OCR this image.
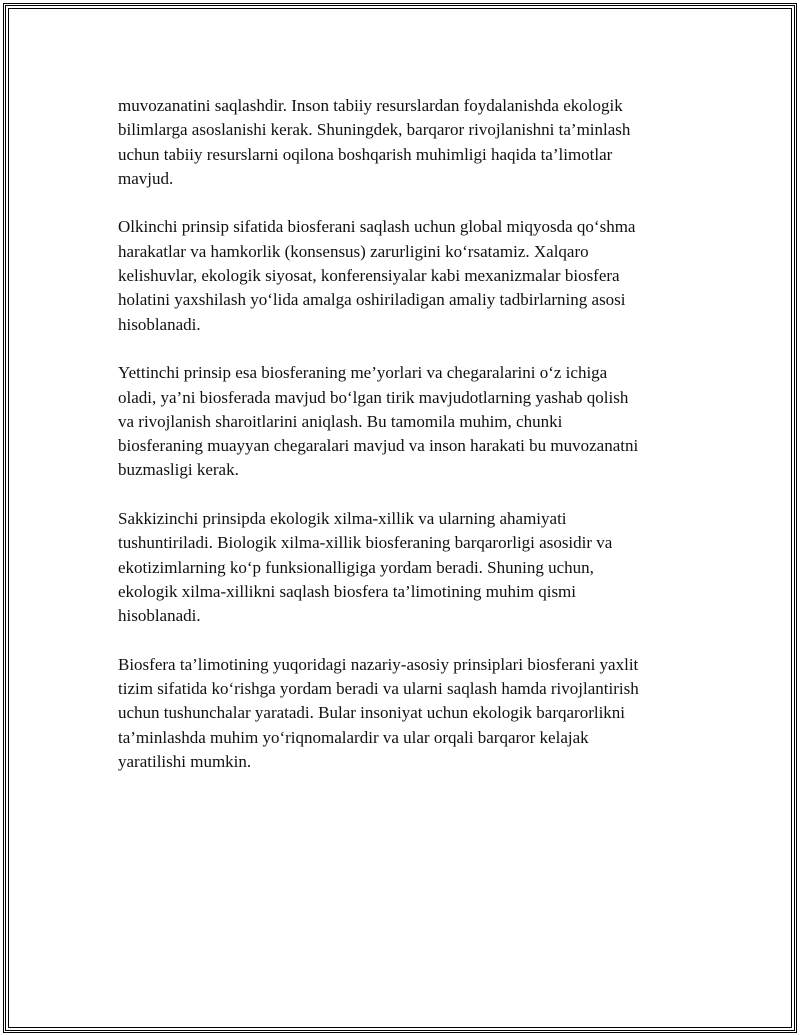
muvozanatini saqlashdir. Inson tabiiy resurslardan foydalanishda ekologik
bilimlarga asoslanishi kerak. Shuningdek, barqaror rivojlanishni ta’minlash
uchun tabiiy resurslarni oqilona boshqarish muhimligi haqida ta’limotlar
mavjud.

Olkinchi prinsip sifatida biosferani saqlash uchun global miqyosda qo‘shma
harakatlar va hamkorlik (konsensus) zarurligini ko‘rsatamiz. Xalqaro
kelishuvlar, ekologik siyosat, konferensiyalar kabi mexanizmalar biosfera
holatini yaxshilash yo‘lida amalga oshiriladigan amaliy tadbirlarning asosi
hisoblanadi.

Yettinchi prinsip esa biosferaning me’yorlari va chegaralarini o‘z ichiga
oladi, ya’ni biosferada mavjud bo‘lgan tirik mavjudotlarning yashab qolish
va rivojlanish sharoitlarini aniqlash. Bu tamomila muhim, chunki
biosferaning muayyan chegaralari mavjud va inson harakati bu muvozanatni
buzmasligi kerak.

Sakkizinchi prinsipda ekologik xilma-xillik va ularning ahamiyati
tushuntiriladi. Biologik xilma-xillik biosferaning barqarorligi asosidir va
ekotizimlarning ko‘p funksionalligiga yordam beradi. Shuning uchun,
ekologik xilma-xillikni saqlash biosfera ta’limotining muhim qismi
hisoblanadi.

Biosfera ta’limotining yuqoridagi nazariy-asosiy prinsiplari biosferani yaxlit
tizim sifatida ko‘rishga yordam beradi va ularni saqlash hamda rivojlantirish
uchun tushunchalar yaratadi. Bular insoniyat uchun ekologik barqarorlikni
ta’minlashda muhim yo‘riqnomalardir va ular orqali barqaror kelajak
yaratilishi mumkin.
